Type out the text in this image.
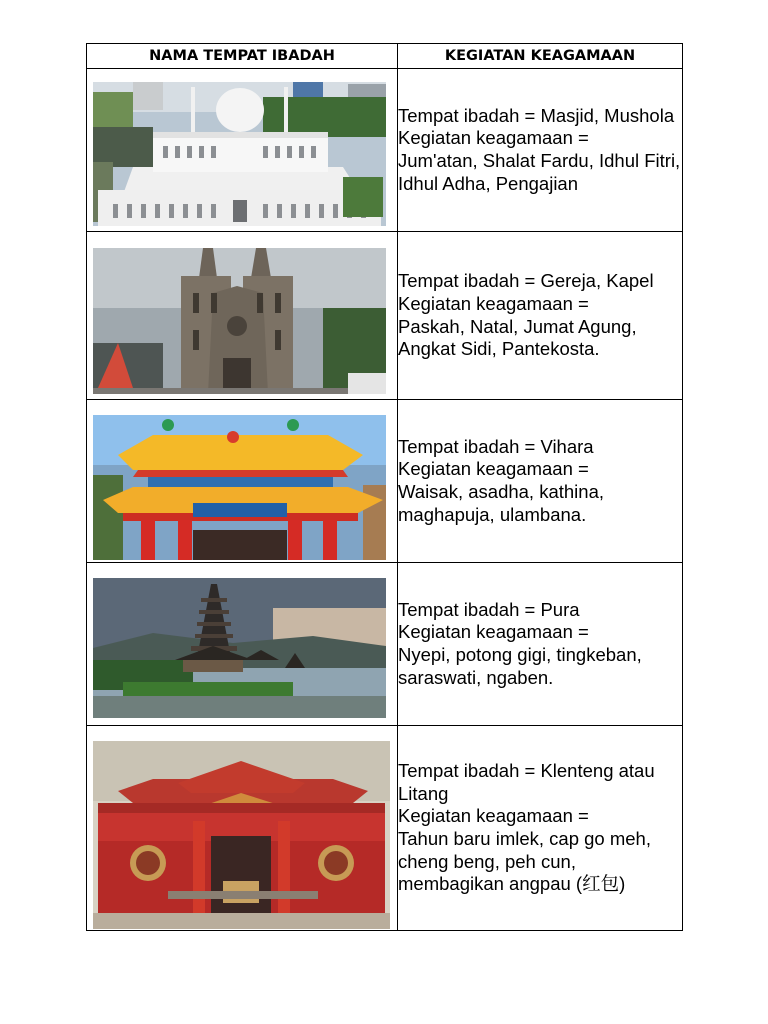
NAMA TEMPAT IBADAH	KEGIATAN KEAGAMAAN

Tempat ibadah = Masjid, Mushola
Kegiatan keagamaan =
Jum'atan, Shalat Fardu, Idhul Fitri, Idhul Adha, Pengajian

Tempat ibadah = Gereja, Kapel
Kegiatan keagamaan =
Paskah, Natal, Jumat Agung, Angkat Sidi, Pantekosta.

Tempat ibadah = Vihara
Kegiatan keagamaan =
Waisak, asadha, kathina, maghapuja, ulambana.

Tempat ibadah = Pura
Kegiatan keagamaan =
Nyepi, potong gigi, tingkeban, saraswati, ngaben.

Tempat ibadah = Klenteng atau Litang
Kegiatan keagamaan =
Tahun baru imlek, cap go meh, cheng beng, peh cun, membagikan angpau (红包)
